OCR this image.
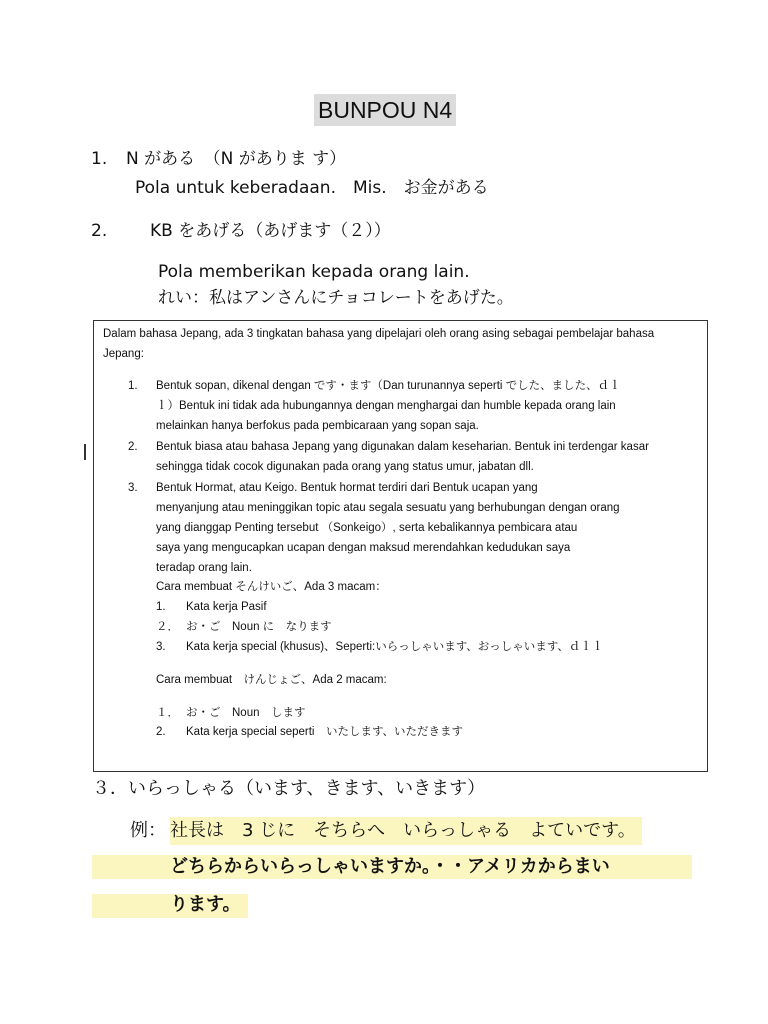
BUNPOU N4
1. N がある　（N がありま す）
Pola untuk keberadaan.　Mis.　お金がある
2.	KB をあげる（あげます（２））
Pola memberikan kepada orang lain.
れい：私はアンさんにチョコレートをあげた。
Dalam bahasa Jepang, ada 3 tingkatan bahasa yang dipelajari oleh orang asing sebagai pembelajar bahasa
Jepang:
1. Bentuk sopan, dikenal dengan です・ます（Dan turunannya seperti でした、ました、ｄｌ
ｌ）Bentuk ini tidak ada hubungannya dengan menghargai dan humble kepada orang lain
melainkan hanya berfokus pada pembicaraan yang sopan saja.
2. Bentuk biasa atau bahasa Jepang yang digunakan dalam keseharian. Bentuk ini terdengar kasar
sehingga tidak cocok digunakan pada orang yang status umur, jabatan dll.
3. Bentuk Hormat, atau Keigo. Bentuk hormat terdiri dari Bentuk ucapan yang
menyanjung atau meninggikan topic atau segala sesuatu yang berhubungan dengan orang
yang dianggap Penting tersebut （Sonkeigo）, serta kebalikannya pembicara atau
saya yang mengucapkan ucapan dengan maksud merendahkan kedudukan saya
teradap orang lain.
Cara membuat そんけいご、Ada 3 macam：
1. Kata kerja Pasif
２． お・ご　Noun に　なります
3. Kata kerja special (khusus)、Seperti:いらっしゃいます、おっしゃいます、ｄｌｌ
Cara membuat　けんじょご、Ada 2 macam:
１． お・ご　Noun　します
2. Kata kerja special seperti　いたします、いただきます
３．いらっしゃる（います、きます、いきます）
例： 社長は　3 じに　そちらへ　いらっしゃる　よていです。
どちらからいらっしゃいますか。・・アメリカからまい
ります。
